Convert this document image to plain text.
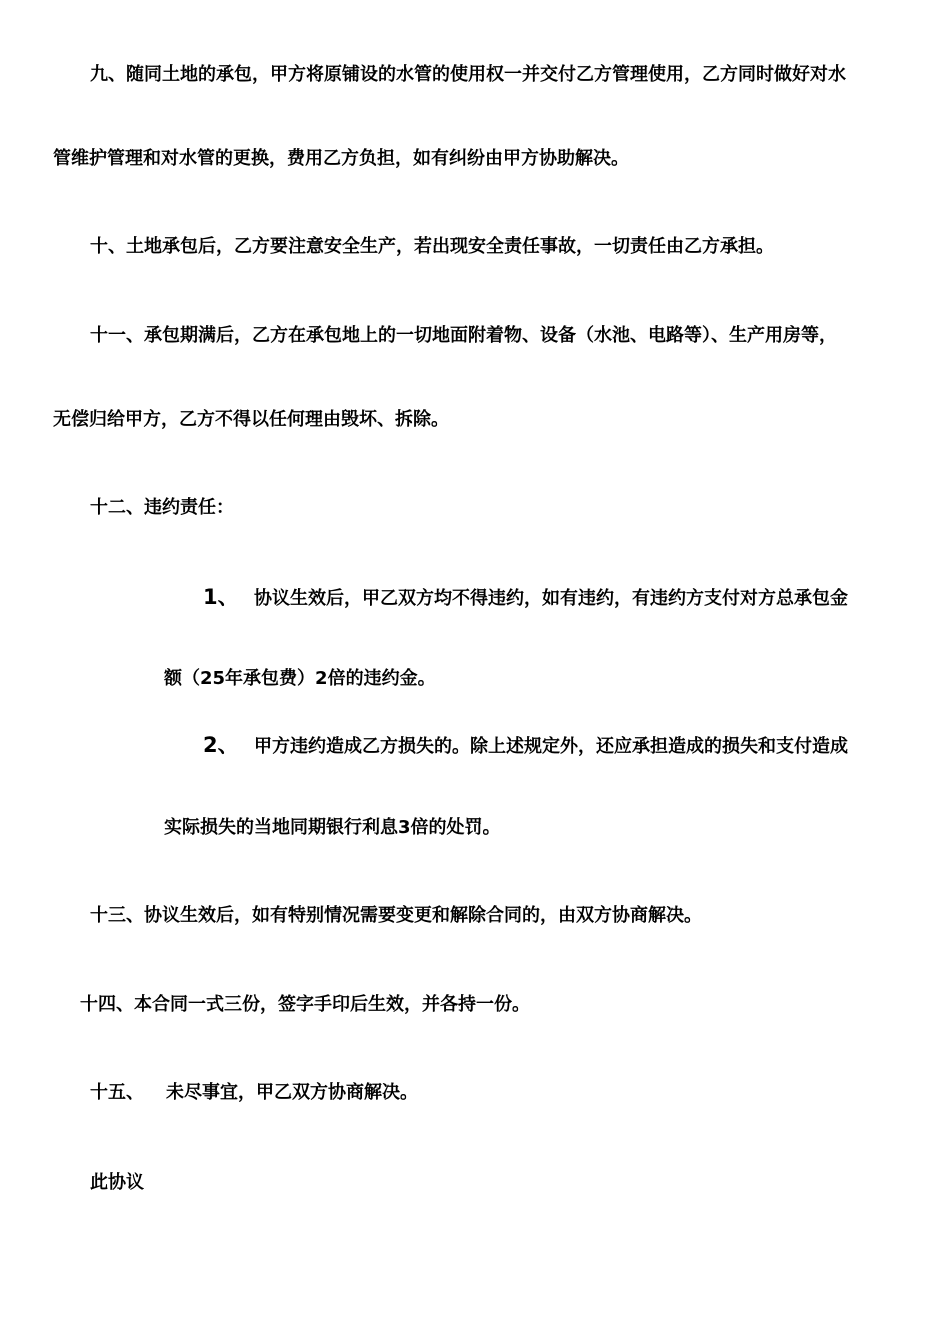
九、随同土地的承包，甲方将原铺设的水管的使用权一并交付乙方管理使用，乙方同时做好对水

管维护管理和对水管的更换，费用乙方负担，如有纠纷由甲方协助解决。

十、土地承包后，乙方要注意安全生产，若出现安全责任事故，一切责任由乙方承担。

十一、承包期满后，乙方在承包地上的一切地面附着物、设备（水池、电路等）、生产用房等，

无偿归给甲方，乙方不得以任何理由毁坏、拆除。

十二、违约责任：

1、 协议生效后，甲乙双方均不得违约，如有违约，有违约方支付对方总承包金

额（25年承包费）2倍的违约金。

2、 甲方违约造成乙方损失的。除上述规定外，还应承担造成的损失和支付造成

实际损失的当地同期银行利息3倍的处罚。

十三、协议生效后，如有特别情况需要变更和解除合同的，由双方协商解决。

十四、本合同一式三份，签字手印后生效，并各持一份。

十五、 未尽事宜，甲乙双方协商解决。

此协议
